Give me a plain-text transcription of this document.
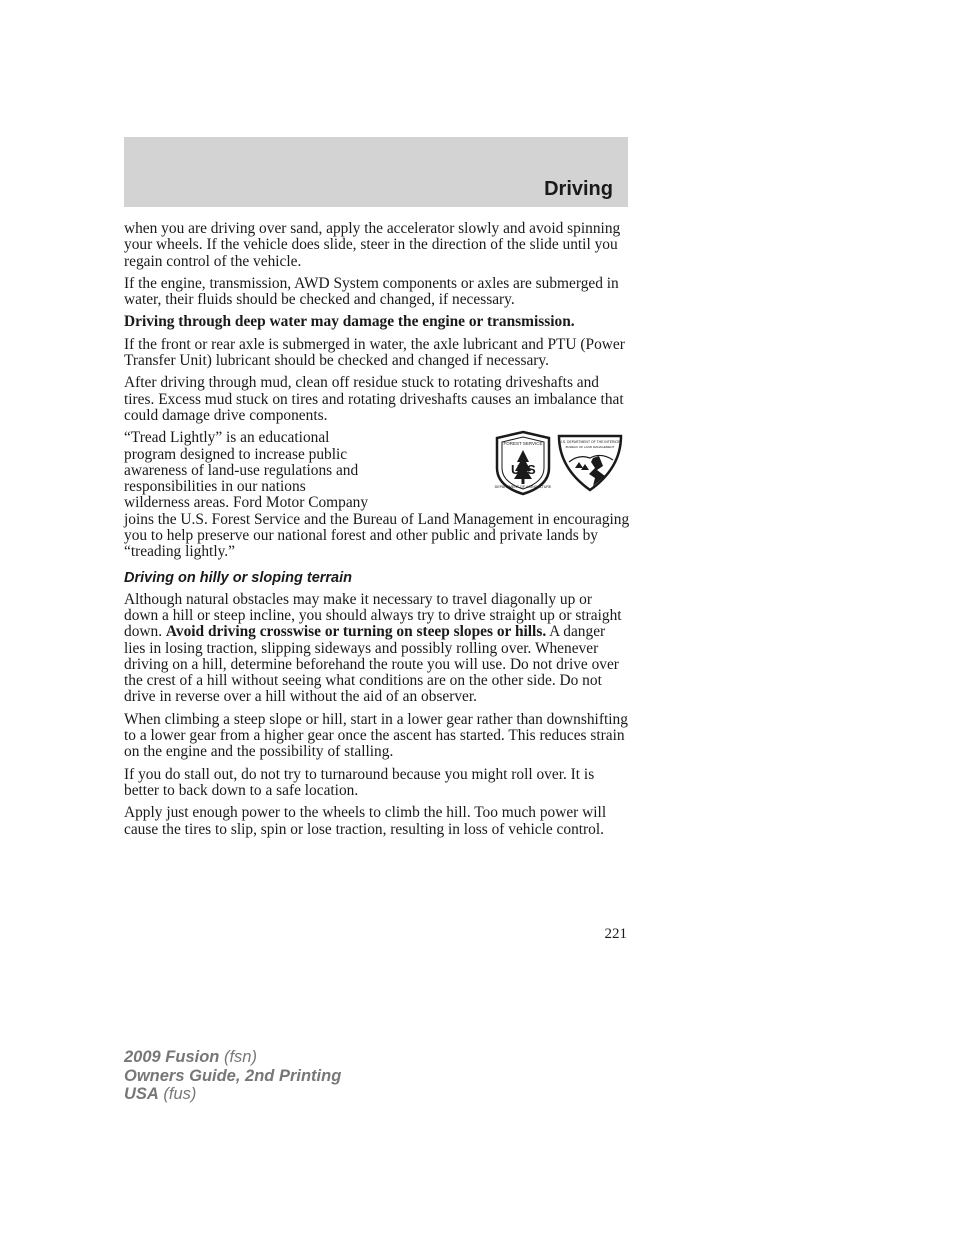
Driving

when you are driving over sand, apply the accelerator slowly and avoid spinning your wheels. If the vehicle does slide, steer in the direction of the slide until you regain control of the vehicle.

If the engine, transmission, AWD System components or axles are submerged in water, their fluids should be checked and changed, if necessary.

Driving through deep water may damage the engine or transmission.

If the front or rear axle is submerged in water, the axle lubricant and PTU (Power Transfer Unit) lubricant should be checked and changed if necessary.

After driving through mud, clean off residue stuck to rotating driveshafts and tires. Excess mud stuck on tires and rotating driveshafts causes an imbalance that could damage drive components.

U S
FOREST SERVICE
DEPARTMENT OF AGRICULTURE
U.S. DEPARTMENT OF THE INTERIOR
BUREAU OF LAND MANAGEMENT

“Tread Lightly” is an educational program designed to increase public awareness of land-use regulations and responsibilities in our nations wilderness areas. Ford Motor Company joins the U.S. Forest Service and the Bureau of Land Management in encouraging you to help preserve our national forest and other public and private lands by “treading lightly.”

Driving on hilly or sloping terrain

Although natural obstacles may make it necessary to travel diagonally up or down a hill or steep incline, you should always try to drive straight up or straight down. Avoid driving crosswise or turning on steep slopes or hills. A danger lies in losing traction, slipping sideways and possibly rolling over. Whenever driving on a hill, determine beforehand the route you will use. Do not drive over the crest of a hill without seeing what conditions are on the other side. Do not drive in reverse over a hill without the aid of an observer.

When climbing a steep slope or hill, start in a lower gear rather than downshifting to a lower gear from a higher gear once the ascent has started. This reduces strain on the engine and the possibility of stalling.

If you do stall out, do not try to turnaround because you might roll over. It is better to back down to a safe location.

Apply just enough power to the wheels to climb the hill. Too much power will cause the tires to slip, spin or lose traction, resulting in loss of vehicle control.

221
2009 Fusion (fsn)
Owners Guide, 2nd Printing
USA (fus)
